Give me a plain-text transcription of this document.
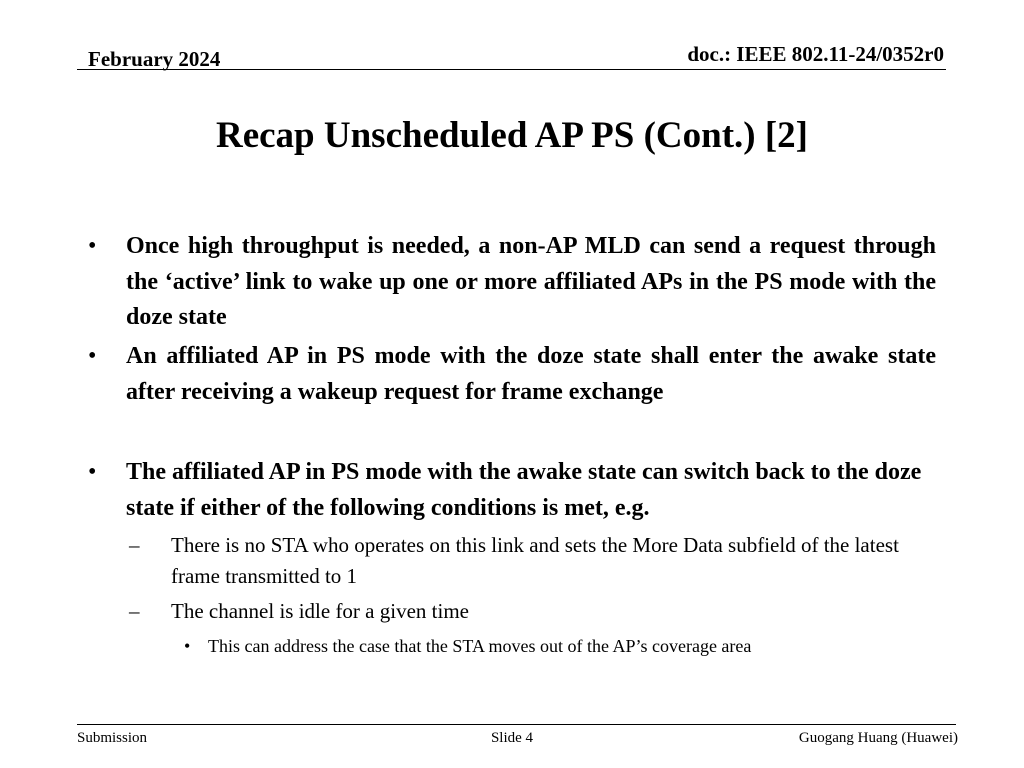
February 2024	doc.: IEEE 802.11-24/0352r0
Recap Unscheduled AP PS (Cont.) [2]
• Once high throughput is needed, a non-AP MLD can send a request through the ‘active’ link to wake up one or more affiliated APs in the PS mode with the doze state
• An affiliated AP in PS mode with the doze state shall enter the awake state after receiving a wakeup request for frame exchange
• The affiliated AP in PS mode with the awake state can switch back to the doze state if either of the following conditions is met, e.g.
– There is no STA who operates on this link and sets the More Data subfield of the latest frame transmitted to 1
– The channel is idle for a given time
• This can address the case that the STA moves out of the AP’s coverage area
Submission	Slide 4	Guogang Huang (Huawei)
